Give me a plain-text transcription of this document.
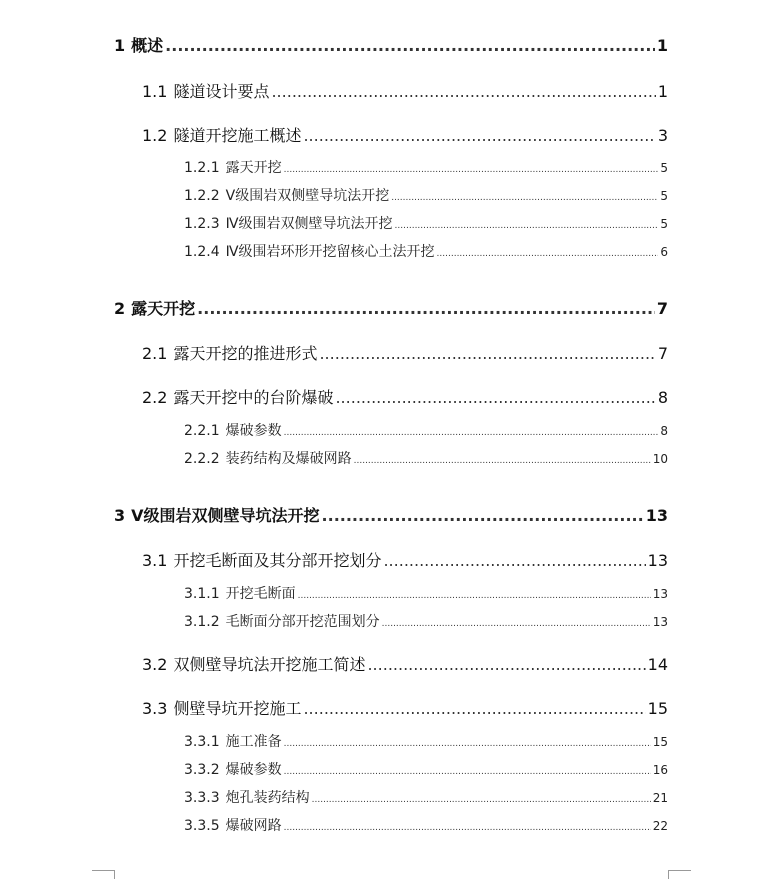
1 概述 .....	1
1.1 隧道设计要点 .....	1
1.2 隧道开挖施工概述 .....	3
1.2.1 露天开挖 .....	5
1.2.2 Ⅴ级围岩双侧壁导坑法开挖 .....	5
1.2.3 Ⅳ级围岩双侧壁导坑法开挖 .....	5
1.2.4 Ⅳ级围岩环形开挖留核心土法开挖 .....	6
2 露天开挖 .....	7
2.1 露天开挖的推进形式 .....	7
2.2 露天开挖中的台阶爆破 .....	8
2.2.1 爆破参数 .....	8
2.2.2 装药结构及爆破网路 .....	10
3 Ⅴ级围岩双侧壁导坑法开挖 .....	13
3.1 开挖毛断面及其分部开挖划分 .....	13
3.1.1 开挖毛断面 .....	13
3.1.2 毛断面分部开挖范围划分 .....	13
3.2 双侧壁导坑法开挖施工简述 .....	14
3.3 侧壁导坑开挖施工 .....	15
3.3.1 施工准备 .....	15
3.3.2 爆破参数 .....	16
3.3.3 炮孔装药结构 .....	21
3.3.5 爆破网路 .....	22
